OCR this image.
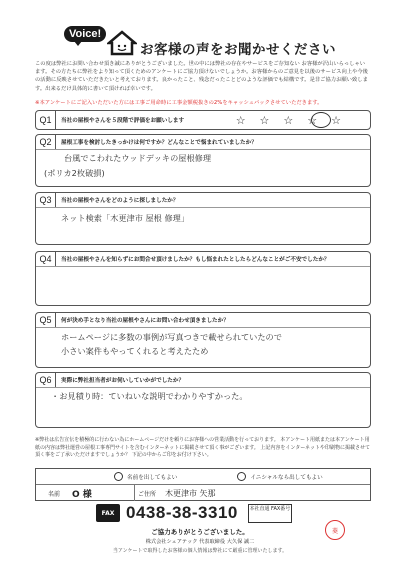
Voice!
お客様の声をお聞かせください
この度は弊社にお問い合わせ頂き誠にありがとうございました。世の中には弊社の存在やサービスをご存知ない お客様が沢山いらっしゃいます。その方たちに弊社をより知って頂くためのアンケートにご協力頂けないでしょうか。お客様からのご意見を以後のサービス向上や今後の活動に反映させていただきたいと考えております。良かったこと、残念だったことどのような評価でも結構です。是非ご協力お願い致します。出来るだけ具体的に書いて頂ければ幸いです。
※本アンケートにご記入いただいた方には工事ご用命時に工事金額税抜きの2%をキャッシュバックさせていただきます。
Q1	当社の屋根やさんを５段階で評価をお願いします	☆☆☆☆☆
Q2	屋根工事を検討したきっかけは何ですか？どんなことで悩まれていましたか？
台風でこわれたウッドデッキの屋根修理
(ポリカ2枚破損)
Q3	当社の屋根やさんをどのように探しましたか？
ネット検索「木更津市 屋根 修理」
Q4	当社の屋根やさんを知らずにお問合せ頂けましたか？もし悩まれたとしたらどんなことがご不安でしたか？
Q5	何が決め手となり当社の屋根やさんにお問い合わせ頂きましたか？
ホームページに多数の事例が写真つきで載せられていたので
小さい案件もやってくれると考えたため
Q6	実際に弊社担当者がお伺いしていかがでしたか？
・お見積り時：ていねいな説明でわかりやすかった。
※弊社は広告宣伝を積極的に行わない為にホームページだけを頼りにお客様への営業活動を行っております。 本アンケート用紙または本アンケート用紙の内容は弊社運営の屋根工事専門サイトを含むインターネットに掲載させて頂く事がございます。 上記内容をインターネットや印刷物に掲載させて頂く事をご了承いただけますでしょうか？ 下記の中からご印をお付け下さい。
名前を出してもよい	イニシャルなら出してもよい
名前	O 様	ご住所	木更津市 矢那
FAX 0438-38-3310	本社直通 FAX番号
ご協力ありがとうございました。
株式会社シェアテック 代表取締役 大久保 誠二
当アンケートで取得したお客様の個人情報は弊社にて厳重に管理いたします。
菱
